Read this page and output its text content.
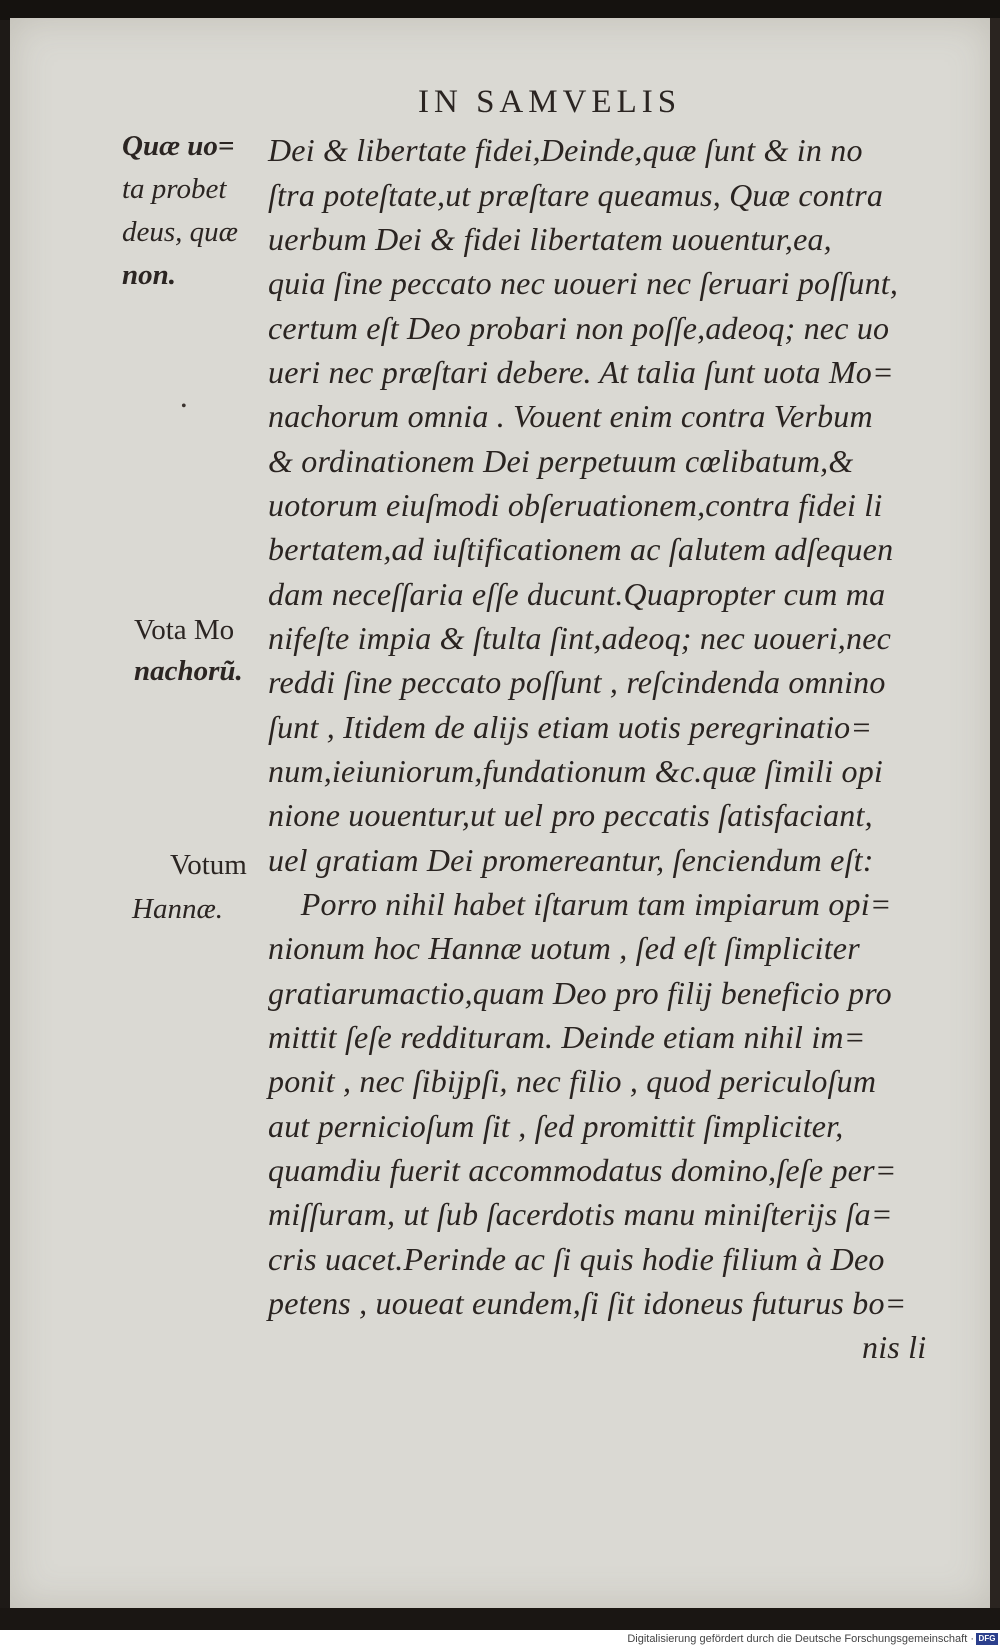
IN SAMVELIS
Quæ uo=
ta probet
deus, quæ
non.
•
Vota Mo
nachorũ.
Votum
Hannæ.
Dei & libertate fidei,Deinde,quæ ſunt & in no
ſtra poteſtate,ut præſtare queamus, Quæ contra
uerbum Dei & fidei libertatem uouentur,ea,
quia ſine peccato nec uoueri nec ſeruari poſſunt,
certum eſt Deo probari non poſſe,adeoq; nec uo
ueri nec præſtari debere. At talia ſunt uota Mo=
nachorum omnia . Vouent enim contra Verbum
& ordinationem Dei perpetuum cœlibatum,&
uotorum eiuſmodi obſeruationem,contra fidei li
bertatem,ad iuſtificationem ac ſalutem adſequen
dam neceſſaria eſſe ducunt.Quapropter cum ma
nifeſte impia & ſtulta ſint,adeoq; nec uoueri,nec
reddi ſine peccato poſſunt , reſcindenda omnino
ſunt , Itidem de alijs etiam uotis peregrinatio=
num,ieiuniorum,fundationum &c.quæ ſimili opi
nione uouentur,ut uel pro peccatis ſatisfaciant,
uel gratiam Dei promereantur, ſenciendum eſt:
Porro nihil habet iſtarum tam impiarum opi=
nionum hoc Hannæ uotum , ſed eſt ſimpliciter
gratiarumactio,quam Deo pro filij beneficio pro
mittit ſeſe reddituram. Deinde etiam nihil im=
ponit , nec ſibijpſi, nec filio , quod periculoſum
aut pernicioſum ſit , ſed promittit ſimpliciter,
quamdiu fuerit accommodatus domino,ſeſe per=
miſſuram, ut ſub ſacerdotis manu miniſterijs ſa=
cris uacet.Perinde ac ſi quis hodie filium à Deo
petens , uoueat eundem,ſi ſit idoneus futurus bo=
nis li
Digitalisierung gefördert durch die Deutsche Forschungsgemeinschaft · DFG
